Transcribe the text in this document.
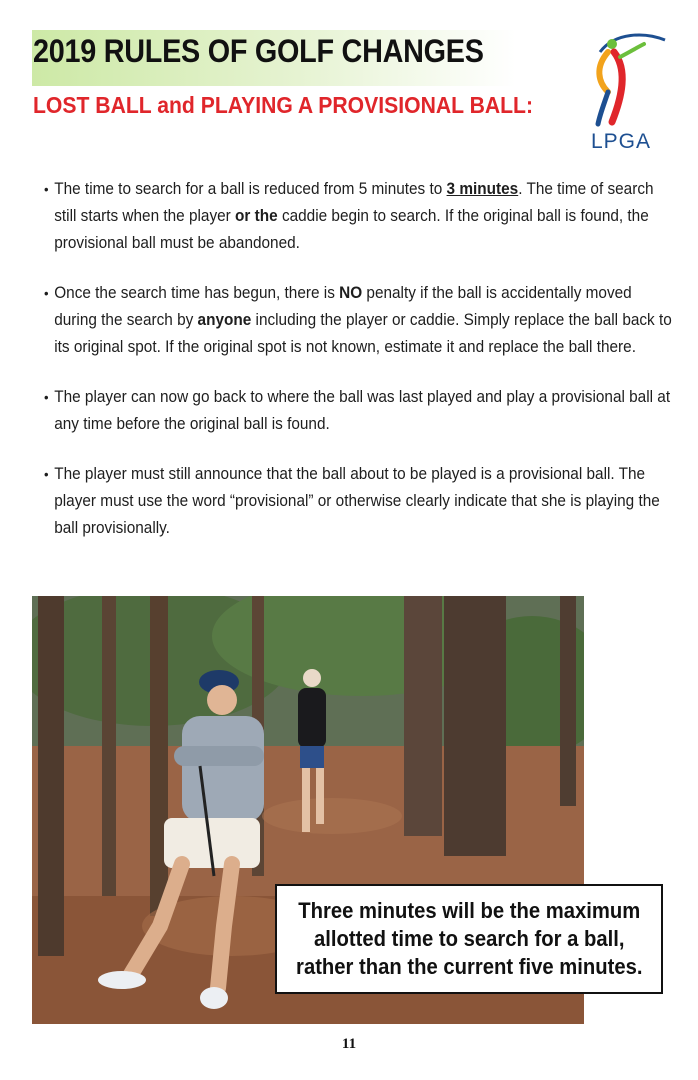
2019 RULES OF GOLF CHANGES
LOST BALL and PLAYING A PROVISIONAL BALL:
LPGA
• The time to search for a ball is reduced from 5 minutes to 3 minutes. The time of search still starts when the player or the caddie begin to search. If the original ball is found, the provisional ball must be abandoned.
• Once the search time has begun, there is NO penalty if the ball is accidentally moved during the search by anyone including the player or caddie. Simply replace the ball back to its original spot. If the original spot is not known, estimate it and replace the ball there.
• The player can now go back to where the ball was last played and play a provisional ball at any time before the original ball is found.
• The player must still announce that the ball about to be played is a provisional ball. The player must use the word “provisional” or otherwise clearly indicate that she is playing the ball provisionally.

Three minutes will be the maximum
allotted time to search for a ball,
rather than the current five minutes.

11
